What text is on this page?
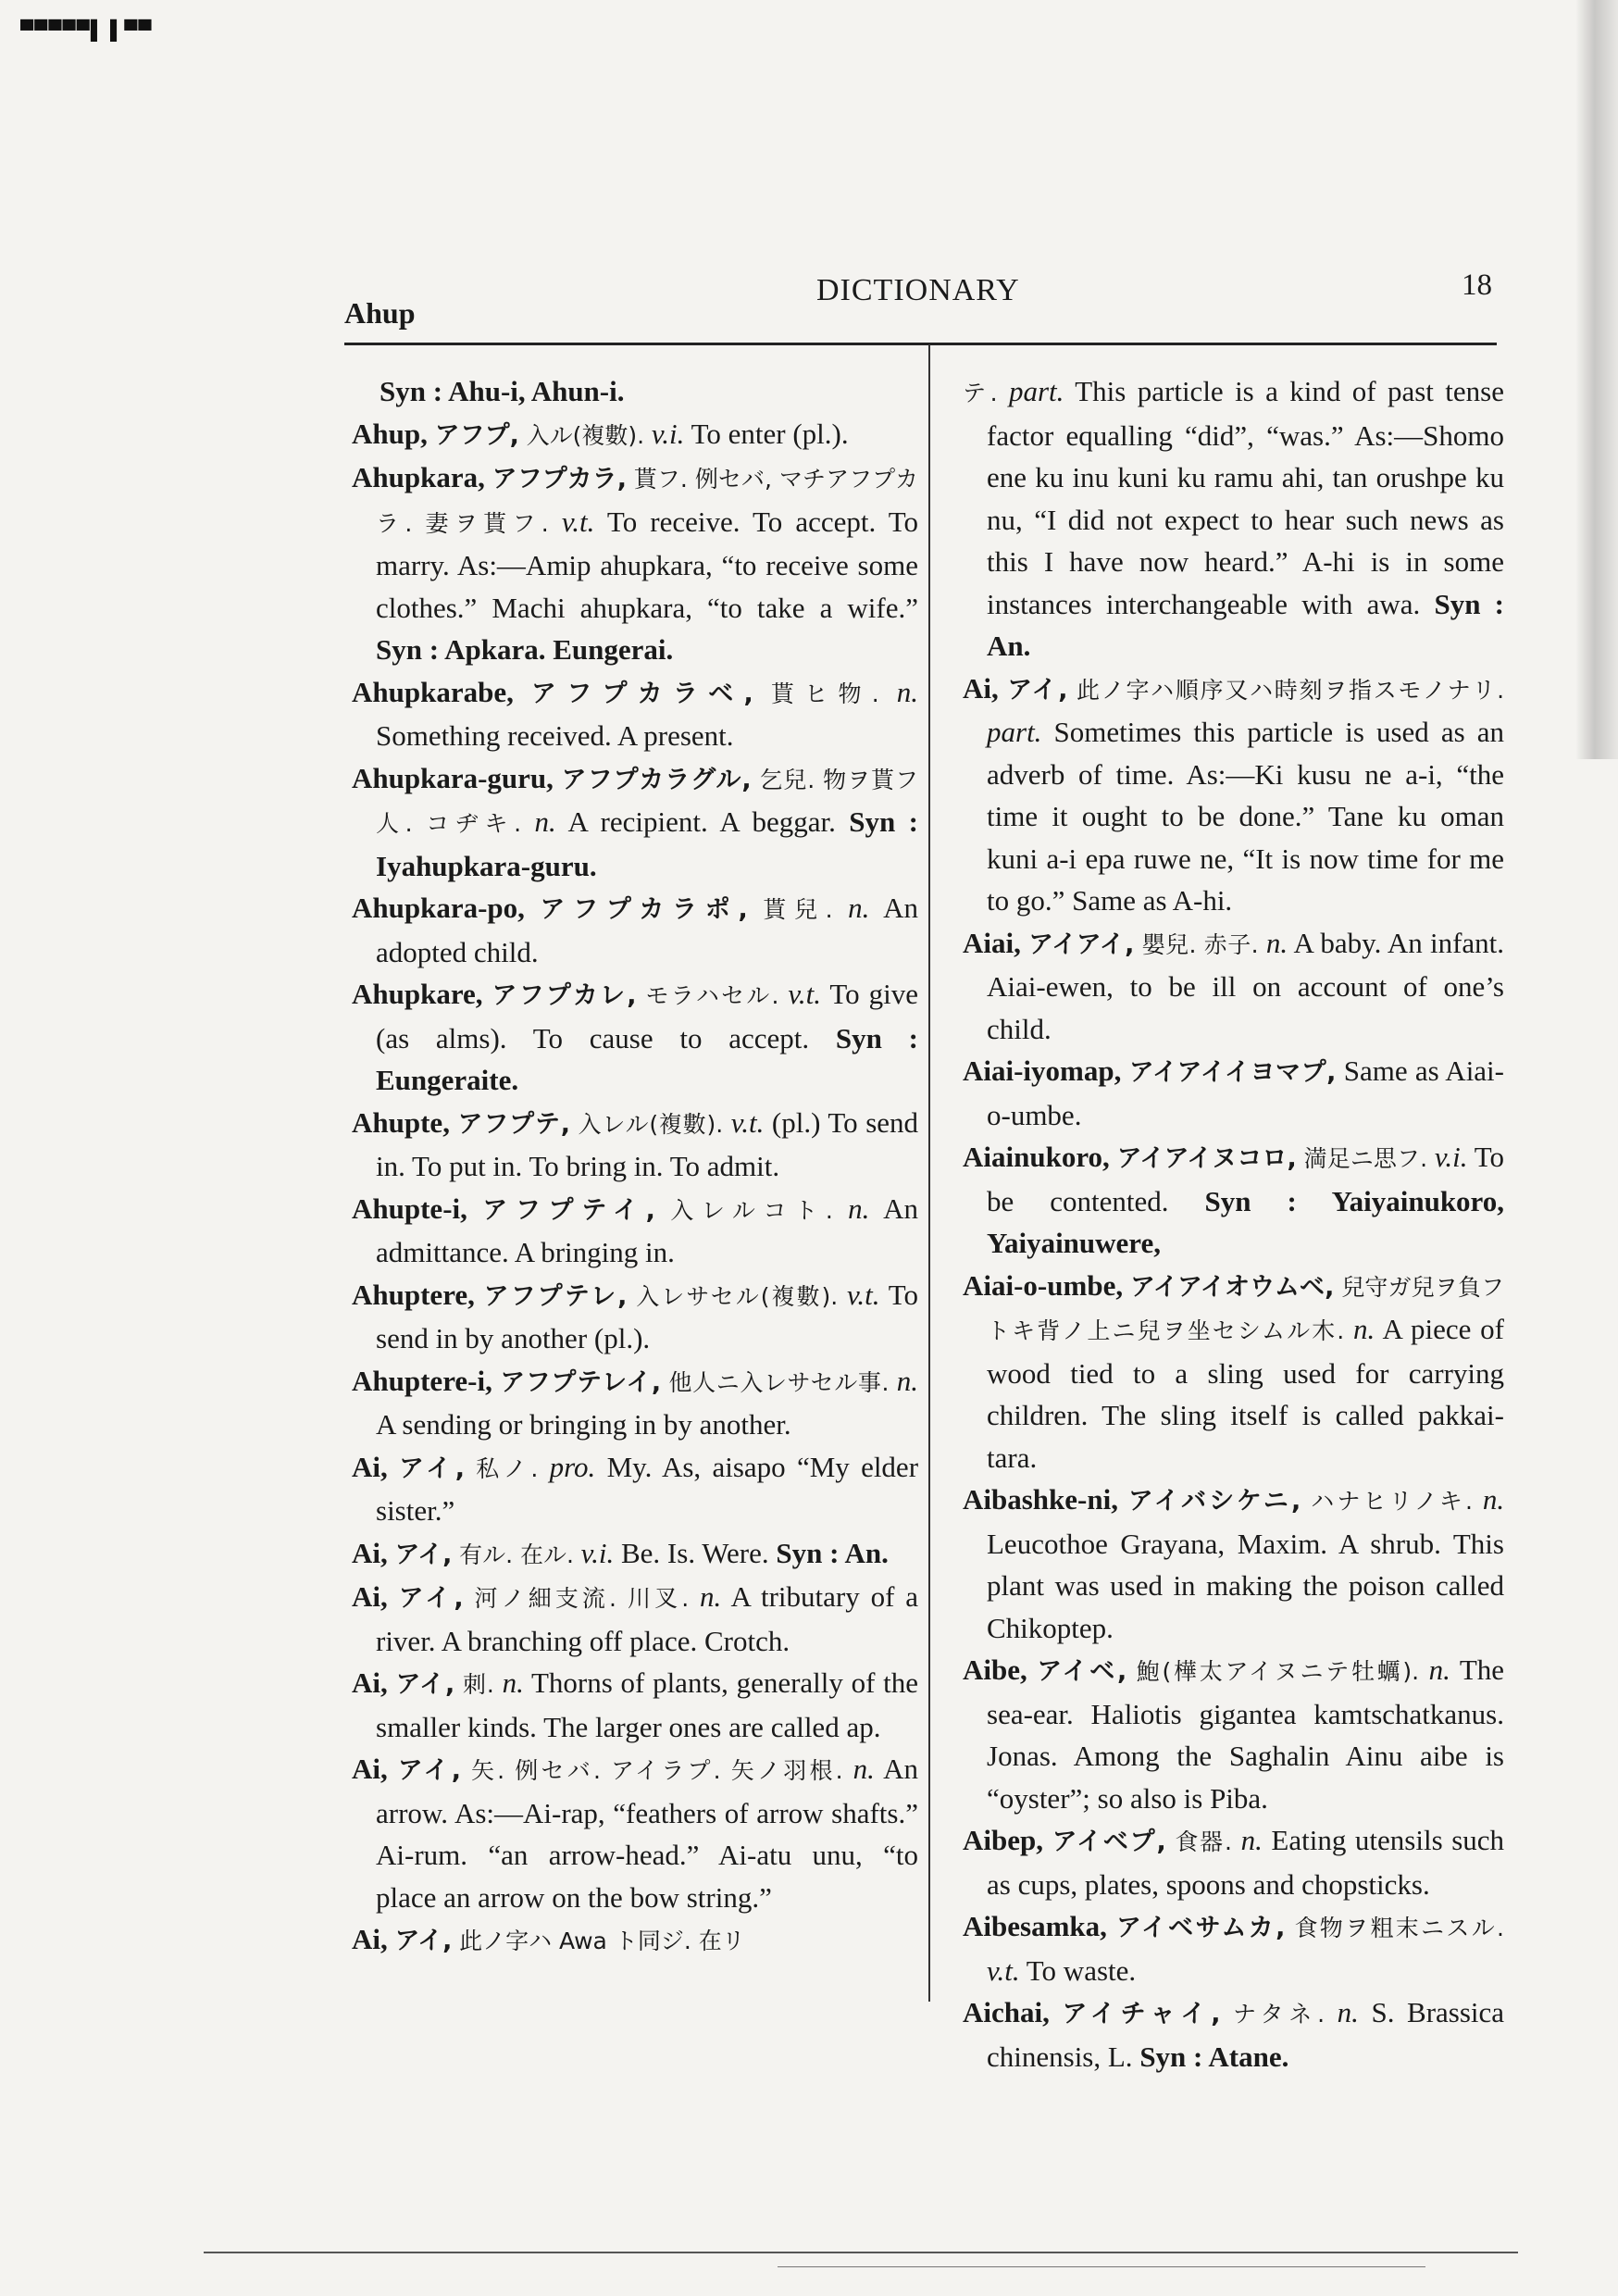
▀▀▀▀▀▌ ▌▀▀
Ahup
DICTIONARY	18

Syn : Ahu-i, Ahun-i.

Ahup, アフプ, 入ル(複數). v.i. To enter (pl.).

Ahupkara, アフプカラ, 貰フ. 例セバ, マチアフプカラ. 妻ヲ貰フ. v.t. To receive. To accept. To marry. As:—Amip ahupkara, “to receive some clothes.” Machi ahupkara, “to take a wife.” Syn : Apkara. Eungerai.

Ahupkarabe, アフプカラベ, 貰ヒ物. n. Something received. A present.

Ahupkara-guru, アフプカラグル, 乞兒. 物ヲ貰フ人. コヂキ. n. A recipient. A beggar. Syn : Iyahupkara-guru.

Ahupkara-po, アフプカラポ, 貰兒. n. An adopted child.

Ahupkare, アフプカレ, モラハセル. v.t. To give (as alms). To cause to accept. Syn : Eungeraite.

Ahupte, アフプテ, 入レル(複數). v.t. (pl.) To send in. To put in. To bring in. To admit.

Ahupte-i, アフプテイ, 入レルコト. n. An admittance. A bringing in.

Ahuptere, アフプテレ, 入レサセル(複數). v.t. To send in by another (pl.).

Ahuptere-i, アフプテレイ, 他人ニ入レサセル事. n. A sending or bringing in by another.

Ai, アイ, 私ノ. pro. My. As, aisapo “My elder sister.”

Ai, アイ, 有ル. 在ル. v.i. Be. Is. Were. Syn : An.

Ai, アイ, 河ノ細支流. 川叉. n. A tributary of a river. A branching off place. Crotch.

Ai, アイ, 刺. n. Thorns of plants, generally of the smaller kinds. The larger ones are called ap.

Ai, アイ, 矢. 例セバ. アイラプ. 矢ノ羽根. n. An arrow. As:—Ai-rap, “feathers of arrow shafts.” Ai-rum. “an arrow-head.” Ai-atu unu, “to place an arrow on the bow string.”

Ai, アイ, 此ノ字ハ Awa ト同ジ. 在リ

テ. part. This particle is a kind of past tense factor equalling “did”, “was.” As:—Shomo ene ku inu kuni ku ramu ahi, tan orushpe ku nu, “I did not expect to hear such news as this I have now heard.” A-hi is in some instances interchangeable with awa. Syn : An.

Ai, アイ, 此ノ字ハ順序又ハ時刻ヲ指スモノナリ. part. Sometimes this particle is used as an adverb of time. As:—Ki kusu ne a-i, “the time it ought to be done.” Tane ku oman kuni a-i epa ruwe ne, “It is now time for me to go.” Same as A-hi.

Aiai, アイアイ, 嬰兒. 赤子. n. A baby. An infant. Aiai-ewen, to be ill on account of one’s child.

Aiai-iyomap, アイアイイヨマプ, Same as Aiai-o-umbe.

Aiainukoro, アイアイヌコロ, 満足ニ思フ. v.i. To be contented. Syn : Yaiyainukoro, Yaiyainuwere,

Aiai-o-umbe, アイアイオウムベ, 兒守ガ兒ヲ負フトキ背ノ上ニ兒ヲ坐セシムル木. n. A piece of wood tied to a sling used for carrying children. The sling itself is called pakkai-tara.

Aibashke-ni, アイバシケニ, ハナヒリノキ. n. Leucothoe Grayana, Maxim. A shrub. This plant was used in making the poison called Chikoptep.

Aibe, アイベ, 鮑(樺太アイヌニテ牡蠣). n. The sea-ear. Haliotis gigantea kamtschatkanus. Jonas. Among the Saghalin Ainu aibe is “oyster”; so also is Piba.

Aibep, アイベプ, 食器. n. Eating utensils such as cups, plates, spoons and chopsticks.

Aibesamka, アイベサムカ, 食物ヲ粗末ニスル. v.t. To waste.

Aichai, アイチャイ, ナタネ. n. S. Brassica chinensis, L. Syn : Atane.
